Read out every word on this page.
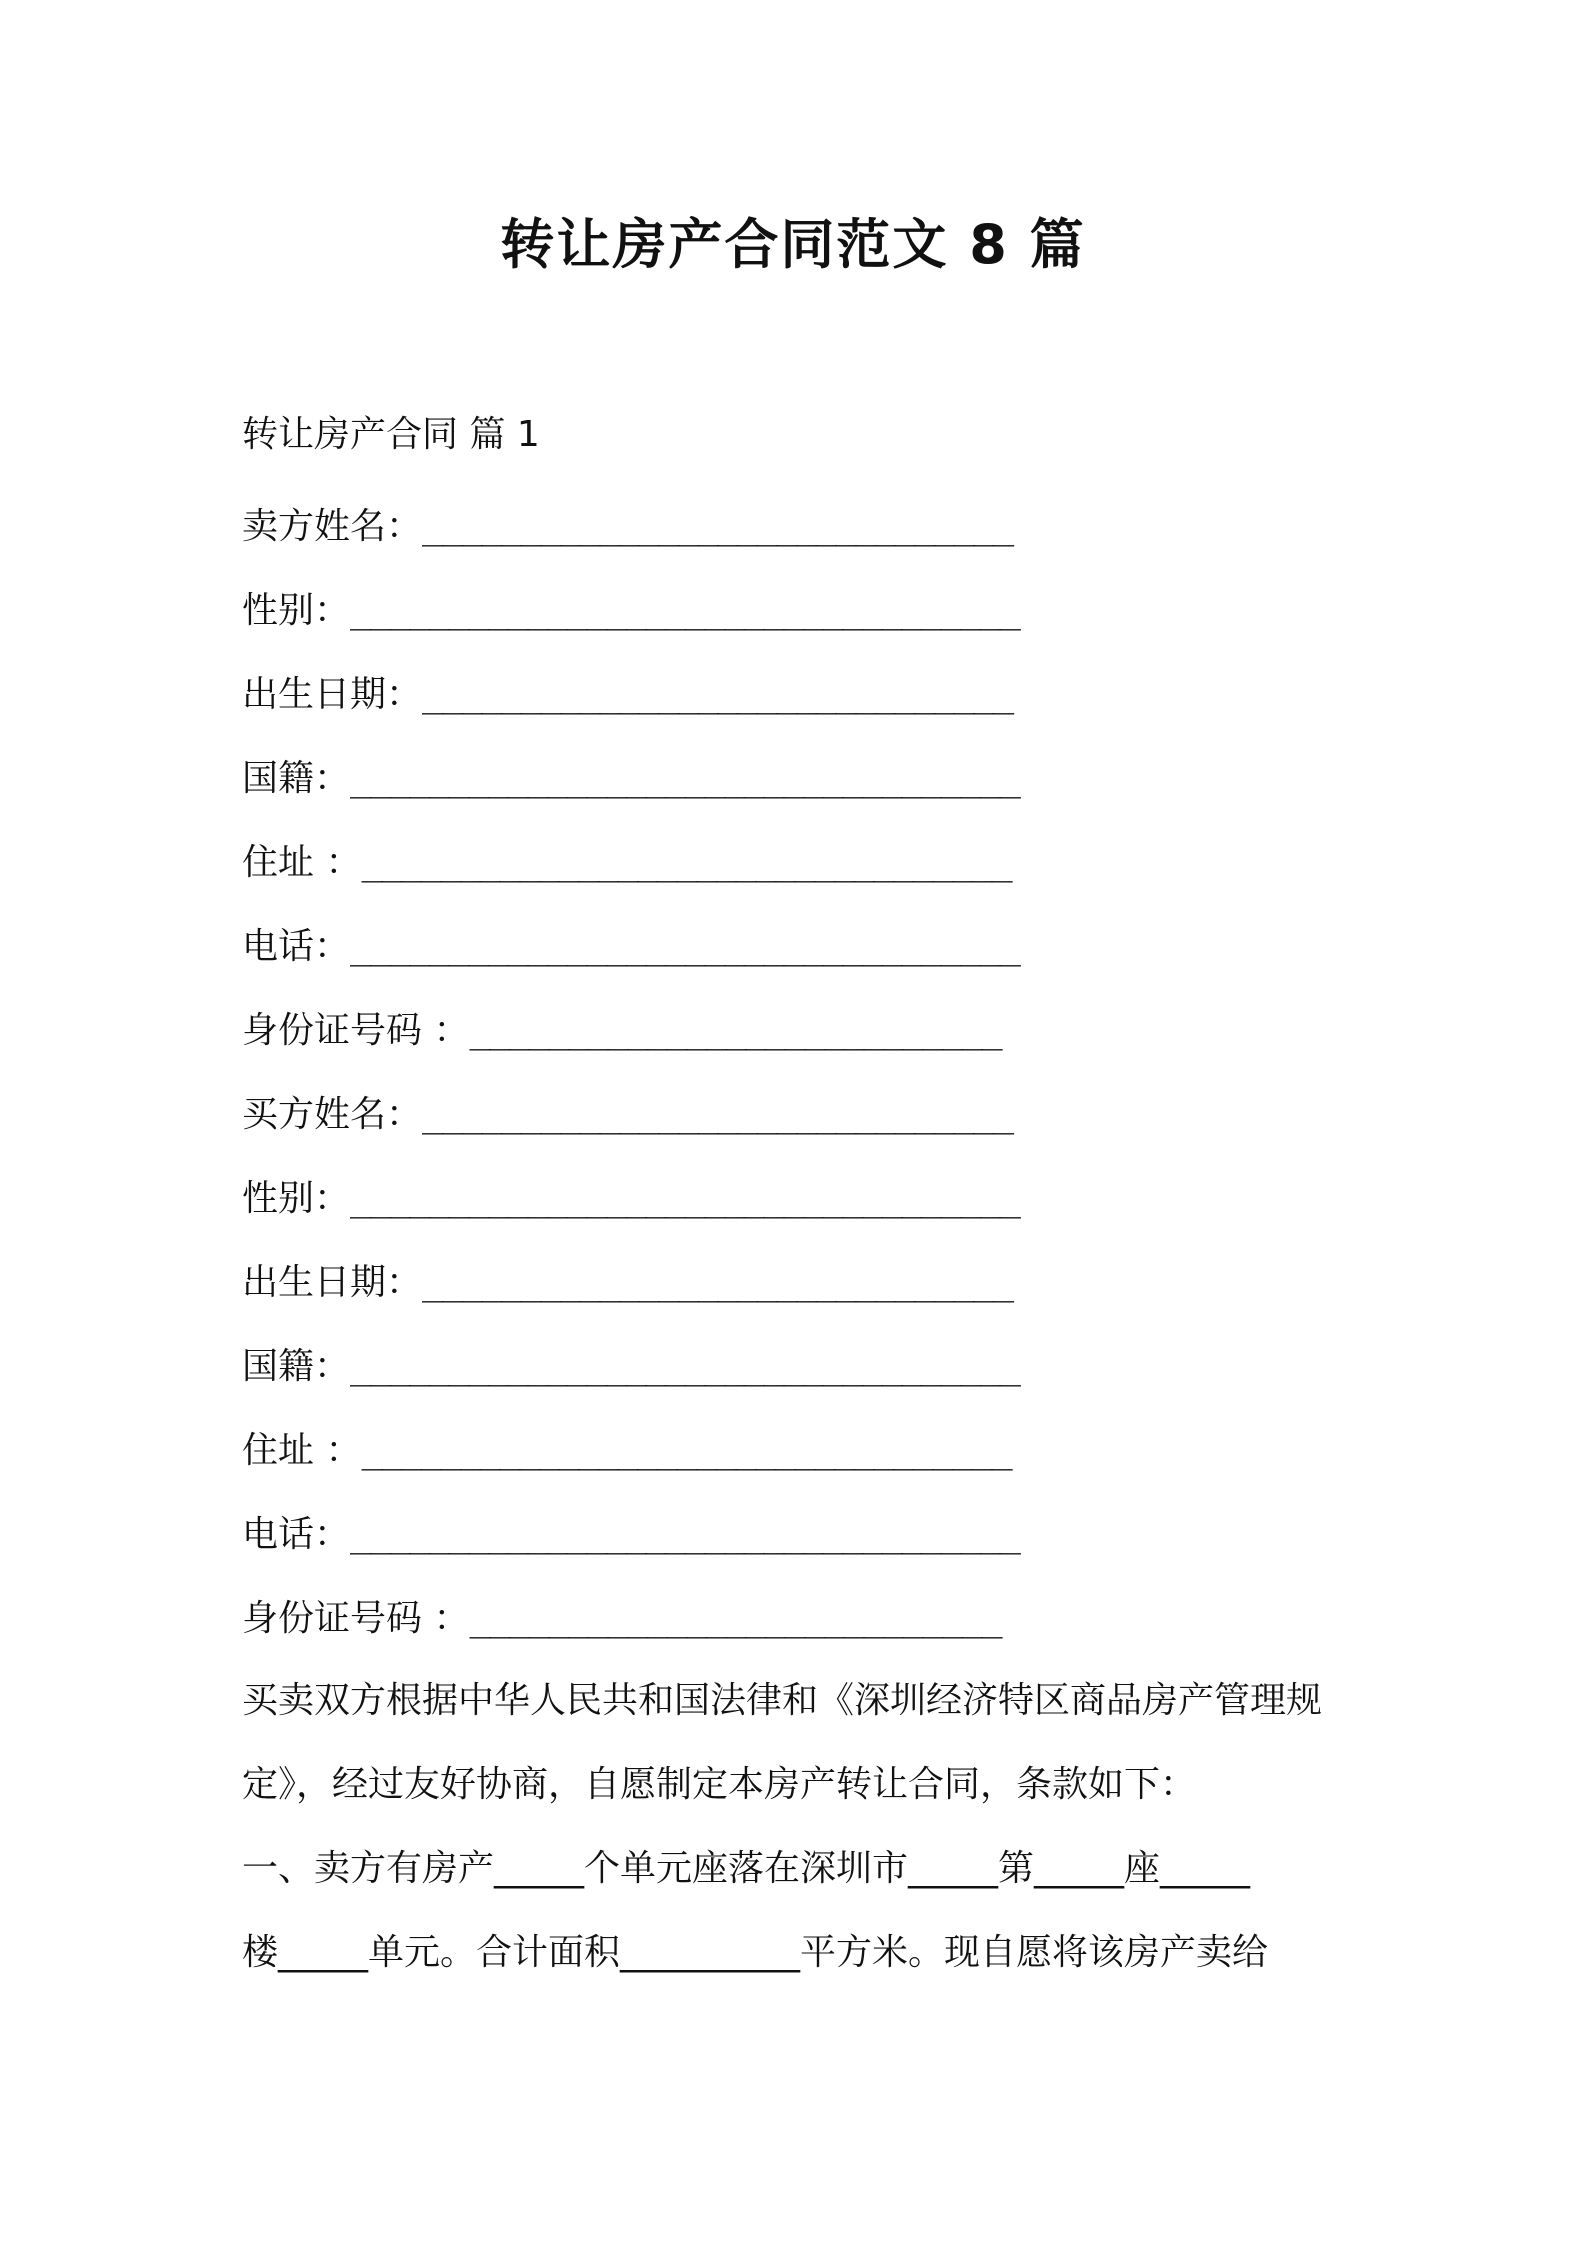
转让房产合同范文 8 篇
转让房产合同 篇 1
卖方姓名： ______________________________
性别： __________________________________
出生日期： ______________________________
国籍： __________________________________
住址 ： _________________________________
电话： __________________________________
身份证号码 ： ___________________________
买方姓名： ______________________________
性别： __________________________________
出生日期： ______________________________
国籍： __________________________________
住址 ： _________________________________
电话： __________________________________
身份证号码 ： ___________________________
买卖双方根据中华人民共和国法律和《深圳经济特区商品房产管理规
定》，经过友好协商，自愿制定本房产转让合同，条款如下：
一、卖方有房产_____个单元座落在深圳市_____第_____座_____
楼_____单元。合计面积__________平方米。现自愿将该房产卖给
